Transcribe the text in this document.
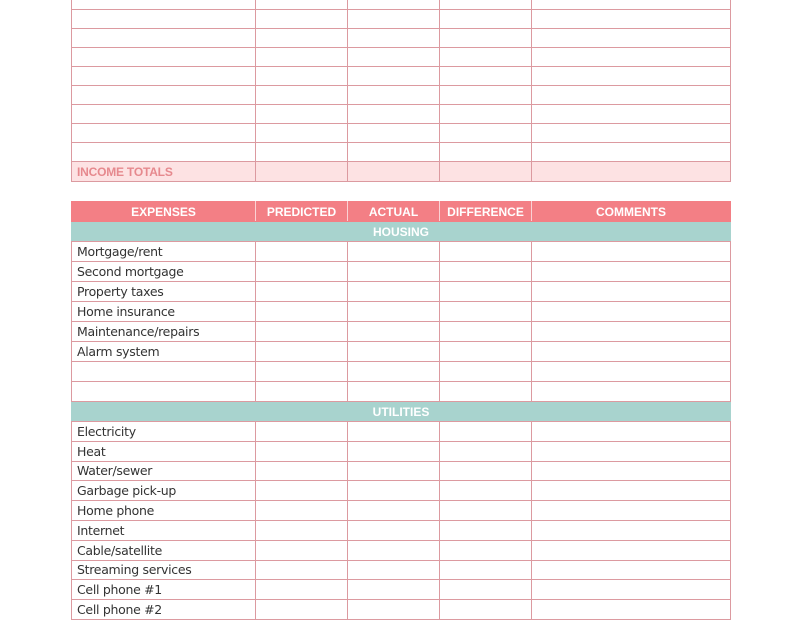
INCOME TOTALS				
EXPENSES	PREDICTED	ACTUAL	DIFFERENCE	COMMENTS
HOUSING				
Mortgage/rent				
Second mortgage				
Property taxes				
Home insurance				
Maintenance/repairs				
Alarm system				

UTILITIES				
Electricity				
Heat				
Water/sewer				
Garbage pick-up				
Home phone				
Internet				
Cable/satellite				
Streaming services				
Cell phone #1				
Cell phone #2				
